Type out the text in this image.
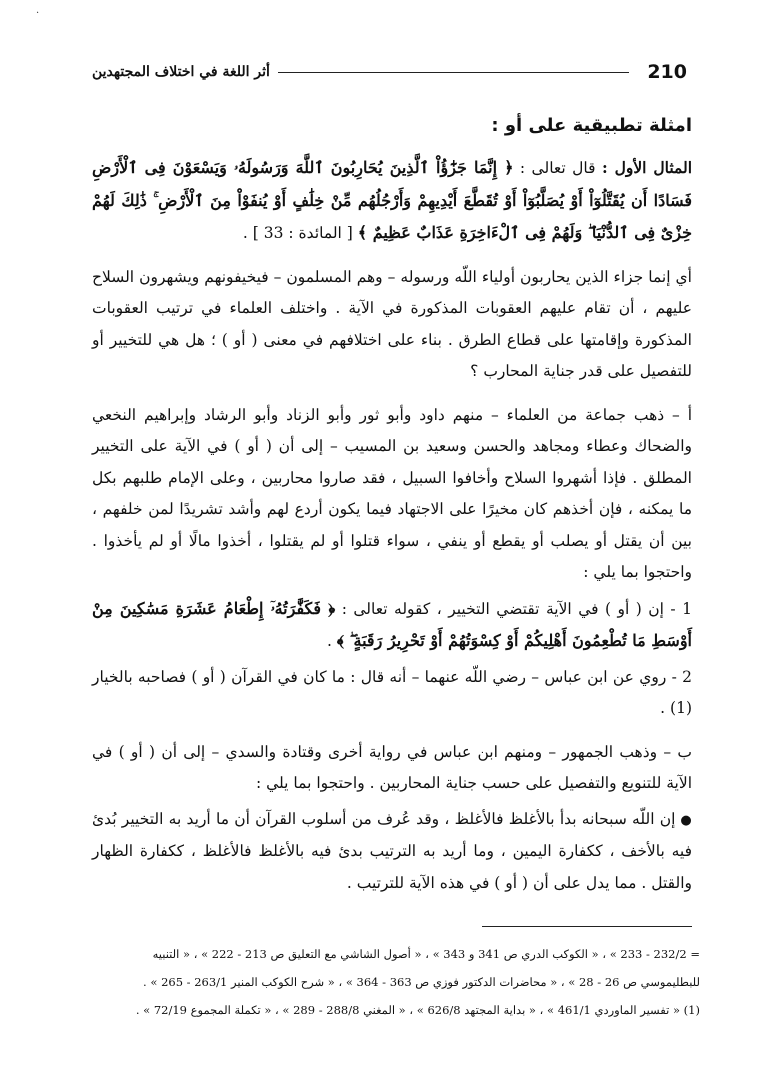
·
210
أثر اللغة في اختلاف المجتهدين
امثلة تطبيقية على أو :

المثال الأول : قال تعالى : ﴿ إِنَّمَا جَزَٰٓؤُاْ ٱلَّذِينَ يُحَارِبُونَ ٱللَّهَ وَرَسُولَهُۥ وَيَسْعَوْنَ فِى ٱلْأَرْضِ فَسَادًا أَن يُقَتَّلُوٓاْ أَوْ يُصَلَّبُوٓاْ أَوْ تُقَطَّعَ أَيْدِيهِمْ وَأَرْجُلُهُم مِّنْ خِلَٰفٍ أَوْ يُنفَوْاْ مِنَ ٱلْأَرْضِ ۚ ذَٰلِكَ لَهُمْ خِزْىٌ فِى ٱلدُّنْيَا ۖ وَلَهُمْ فِى ٱلْءَاخِرَةِ عَذَابٌ عَظِيمٌ ﴾ [ المائدة : 33 ] .

أي إنما جزاء الذين يحاربون أولياء اللّه ورسوله – وهم المسلمون – فيخيفونهم ويشهرون السلاح عليهم ، أن تقام عليهم العقوبات المذكورة في الآية . واختلف العلماء في ترتيب العقوبات المذكورة وإقامتها على قطاع الطرق . بناء على اختلافهم في معنى ( أو ) ؛ هل هي للتخيير أو للتفصيل على قدر جناية المحارب ؟

أ – ذهب جماعة من العلماء – منهم داود وأبو ثور وأبو الزناد وأبو الرشاد وإبراهيم النخعي والضحاك وعطاء ومجاهد والحسن وسعيد بن المسيب – إلى أن ( أو ) في الآية على التخيير المطلق . فإذا أشهروا السلاح وأخافوا السبيل ، فقد صاروا محاربين ، وعلى الإمام طلبهم بكل ما يمكنه ، فإن أخذهم كان مخيرًا على الاجتهاد فيما يكون أردع لهم وأشد تشريدًا لمن خلفهم ، بين أن يقتل أو يصلب أو يقطع أو ينفي ، سواء قتلوا أو لم يقتلوا ، أخذوا مالًا أو لم يأخذوا . واحتجوا بما يلي :

1 - إن ( أو ) في الآية تقتضي التخيير ، كقوله تعالى : ﴿ فَكَفَّٰرَتُهُۥٓ إِطْعَامُ عَشَرَةِ مَسَٰكِينَ مِنْ أَوْسَطِ مَا تُطْعِمُونَ أَهْلِيكُمْ أَوْ كِسْوَتُهُمْ أَوْ تَحْرِيرُ رَقَبَةٍ ۖ ﴾ .

2 - روي عن ابن عباس – رضي اللّه عنهما – أنه قال : ما كان في القرآن ( أو ) فصاحبه بالخيار (1) .

ب – وذهب الجمهور – ومنهم ابن عباس في رواية أخرى وقتادة والسدي – إلى أن ( أو ) في الآية للتنويع والتفصيل على حسب جناية المحاربين . واحتجوا بما يلي :

● إن اللّه سبحانه بدأ بالأغلظ فالأغلظ ، وقد عُرف من أسلوب القرآن أن ما أريد به التخيير بُدئ فيه بالأخف ، ككفارة اليمين ، وما أريد به الترتيب بدئ فيه بالأغلظ فالأغلظ ، ككفارة الظهار والقتل . مما يدل على أن ( أو ) في هذه الآية للترتيب .

= 232/2 - 233 » ، « الكوكب الدري ص 341 و 343 » ، « أصول الشاشي مع التعليق ص 213 - 222 » ، « التنبيه
للبطليموسي ص 26 - 28 » ، « محاضرات الدكتور فوزي ص 363 - 364 » ، « شرح الكوكب المنير 263/1 - 265 » .
(1) « تفسير الماوردي 461/1 » ، « بداية المجتهد 626/8 » ، « المغني 288/8 - 289 » ، « تكملة المجموع 72/19 » .
